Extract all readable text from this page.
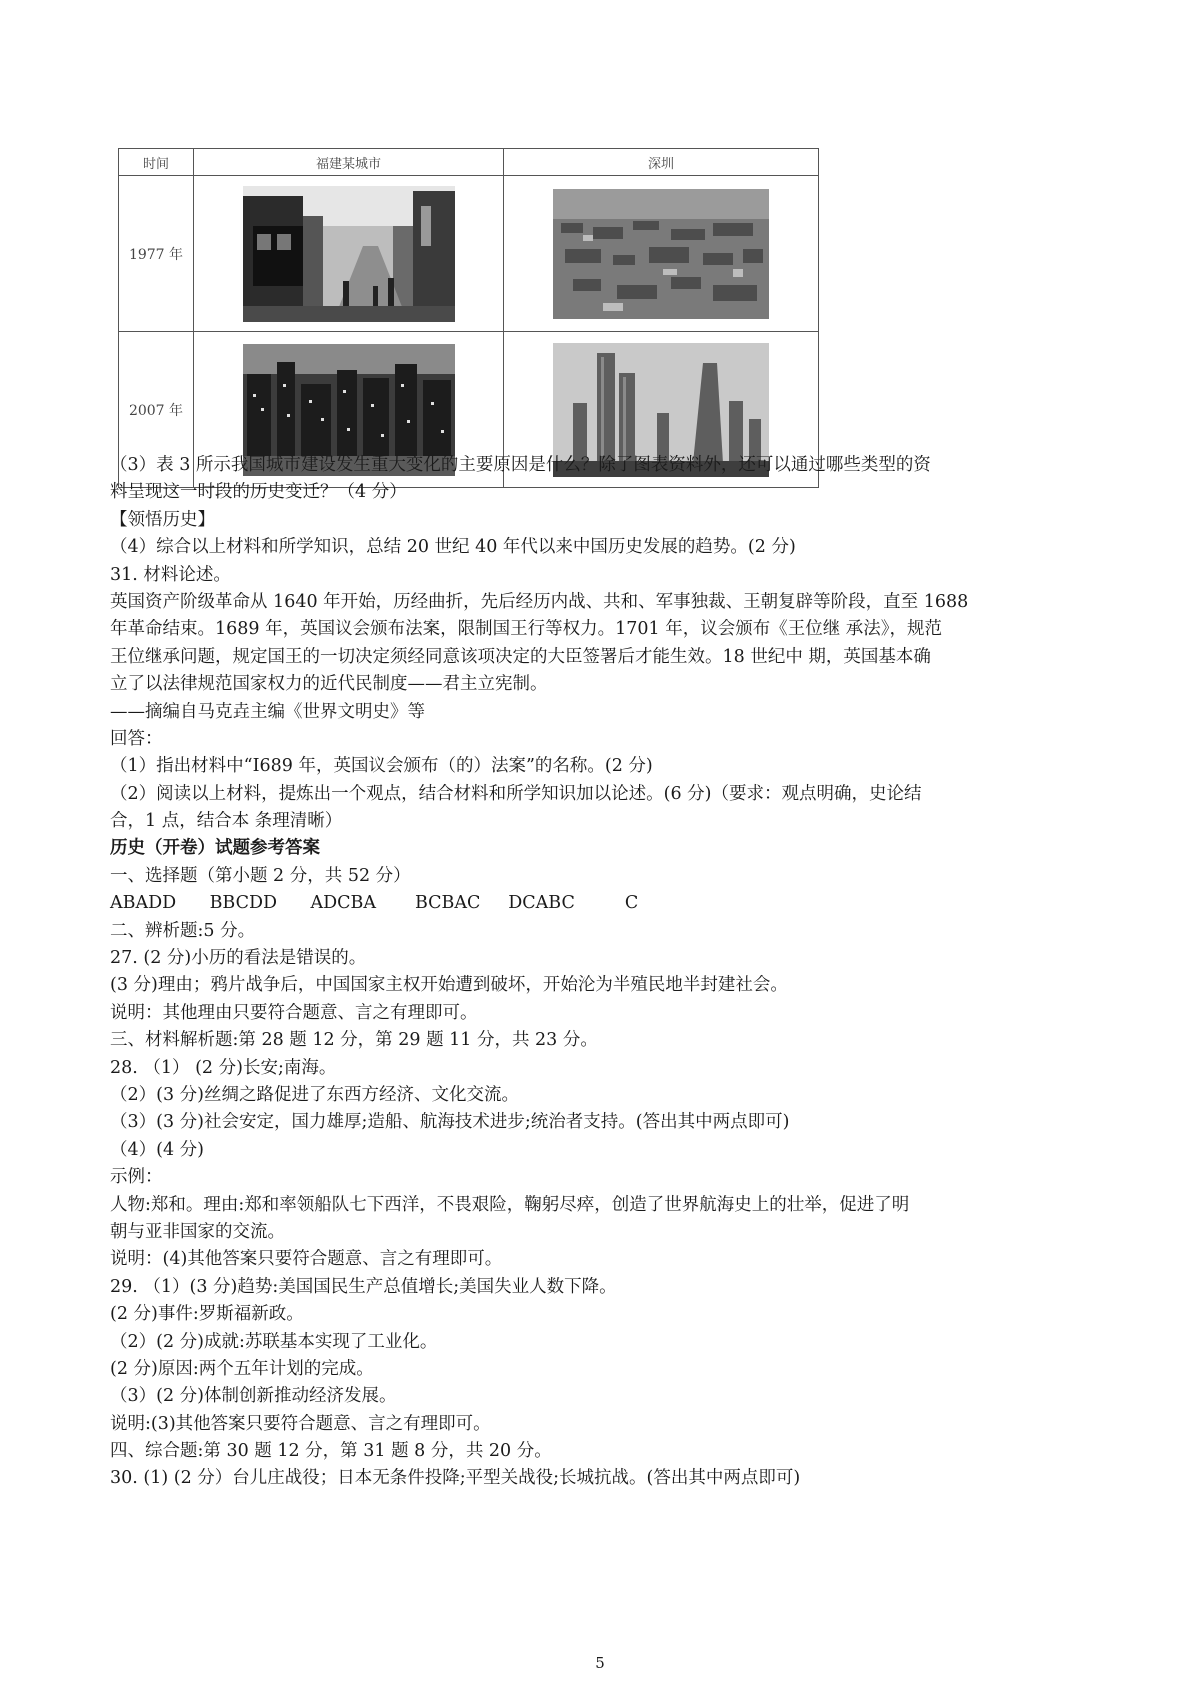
时间	福建某城市	深圳
1977 年	

2007 年	

（3）表 3 所示我国城市建设发生重大变化的主要原因是什么？除了图表资料外，还可以通过哪些类型的资
料呈现这一时段的历史变迁？（4 分）
【领悟历史】
（4）综合以上材料和所学知识，总结 20 世纪 40 年代以来中国历史发展的趋势。(2 分)
31. 材料论述。
英国资产阶级革命从 1640 年开始，历经曲折，先后经历内战、共和、军事独裁、王朝复辟等阶段，直至 1688
年革命结束。1689 年，英国议会颁布法案，限制国王行等权力。1701 年，议会颁布《王位继 承法》，规范
王位继承问题，规定国王的一切决定须经同意该项决定的大臣签署后才能生效。18 世纪中 期，英国基本确
立了以法律规范国家权力的近代民制度——君主立宪制。
——摘编自马克垚主编《世界文明史》等
回答：
（1）指出材料中“I689 年，英国议会颁布（的）法案”的名称。(2 分)
（2）阅读以上材料，提炼出一个观点，结合材料和所学知识加以论述。(6 分)（要求：观点明确，史论结
合，1 点，结合本 条理清晰）
历史（开卷）试题参考答案
一、选择题（第小题 2 分，共 52 分）
ABADD      BBCDD      ADCBA       BCBAC     DCABC         C
二、辨析题:5 分。
27. (2 分)小历的看法是错误的。
(3 分)理由；鸦片战争后，中国国家主权开始遭到破坏，开始沦为半殖民地半封建社会。
说明：其他理由只要符合题意、言之有理即可。
三、材料解析题:第 28 题 12 分，第 29 题 11 分，共 23 分。
28. （1） (2 分)长安;南海。
（2）(3 分)丝绸之路促进了东西方经济、文化交流。
（3）(3 分)社会安定，国力雄厚;造船、航海技术进步;统治者支持。(答出其中两点即可)
（4）(4 分)
示例：
人物:郑和。理由:郑和率领船队七下西洋，不畏艰险，鞠躬尽瘁，创造了世界航海史上的壮举，促进了明
朝与亚非国家的交流。
说明：(4)其他答案只要符合题意、言之有理即可。
29. （1）(3 分)趋势:美国国民生产总值增长;美国失业人数下降。
(2 分)事件:罗斯福新政。
（2）(2 分)成就:苏联基本实现了工业化。
(2 分)原因:两个五年计划的完成。
（3）(2 分)体制创新推动经济发展。
说明:(3)其他答案只要符合题意、言之有理即可。
四、综合题:第 30 题 12 分，第 31 题 8 分，共 20 分。
30. (1) (2 分）台儿庄战役；日本无条件投降;平型关战役;长城抗战。(答出其中两点即可)
5
